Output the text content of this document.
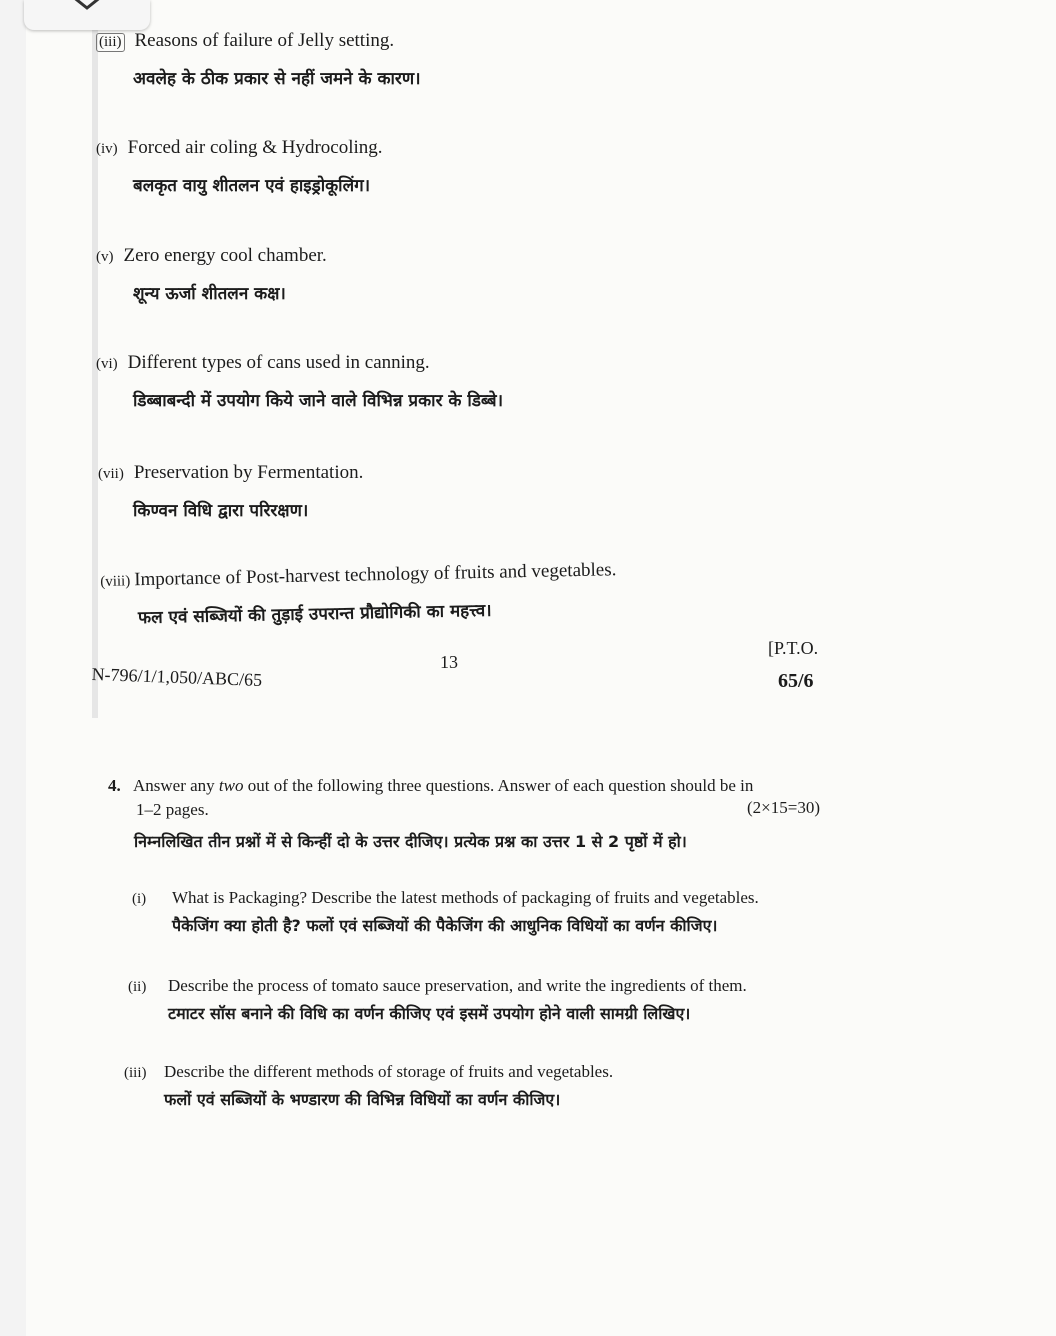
(iii) Reasons of failure of Jelly setting.
अवलेह के ठीक प्रकार से नहीं जमने के कारण।
(iv) Forced air coling & Hydrocoling.
बलकृत वायु शीतलन एवं हाइड्रोकूलिंग।
(v) Zero energy cool chamber.
शून्य ऊर्जा शीतलन कक्ष।
(vi) Different types of cans used in canning.
डिब्बाबन्दी में उपयोग किये जाने वाले विभिन्न प्रकार के डिब्बे।
(vii) Preservation by Fermentation.
किण्वन विधि द्वारा परिरक्षण।
(viii) Importance of Post-harvest technology of fruits and vegetables.
फल एवं सब्जियों की तुड़ाई उपरान्त प्रौद्योगिकी का महत्त्व।
N-796/1/1,050/ABC/65
13
[P.T.O.
65/6
4. Answer any two out of the following three questions. Answer of each question should be in
1–2 pages.	(2×15=30)
निम्नलिखित तीन प्रश्नों में से किन्हीं दो के उत्तर दीजिए। प्रत्येक प्रश्न का उत्तर 1 से 2 पृष्ठों में हो।
(i) What is Packaging? Describe the latest methods of packaging of fruits and vegetables.
पैकेजिंग क्या होती है? फलों एवं सब्जियों की पैकेजिंग की आधुनिक विधियों का वर्णन कीजिए।
(ii) Describe the process of tomato sauce preservation, and write the ingredients of them.
टमाटर सॉस बनाने की विधि का वर्णन कीजिए एवं इसमें उपयोग होने वाली सामग्री लिखिए।
(iii) Describe the different methods of storage of fruits and vegetables.
फलों एवं सब्जियों के भण्डारण की विभिन्न विधियों का वर्णन कीजिए।
